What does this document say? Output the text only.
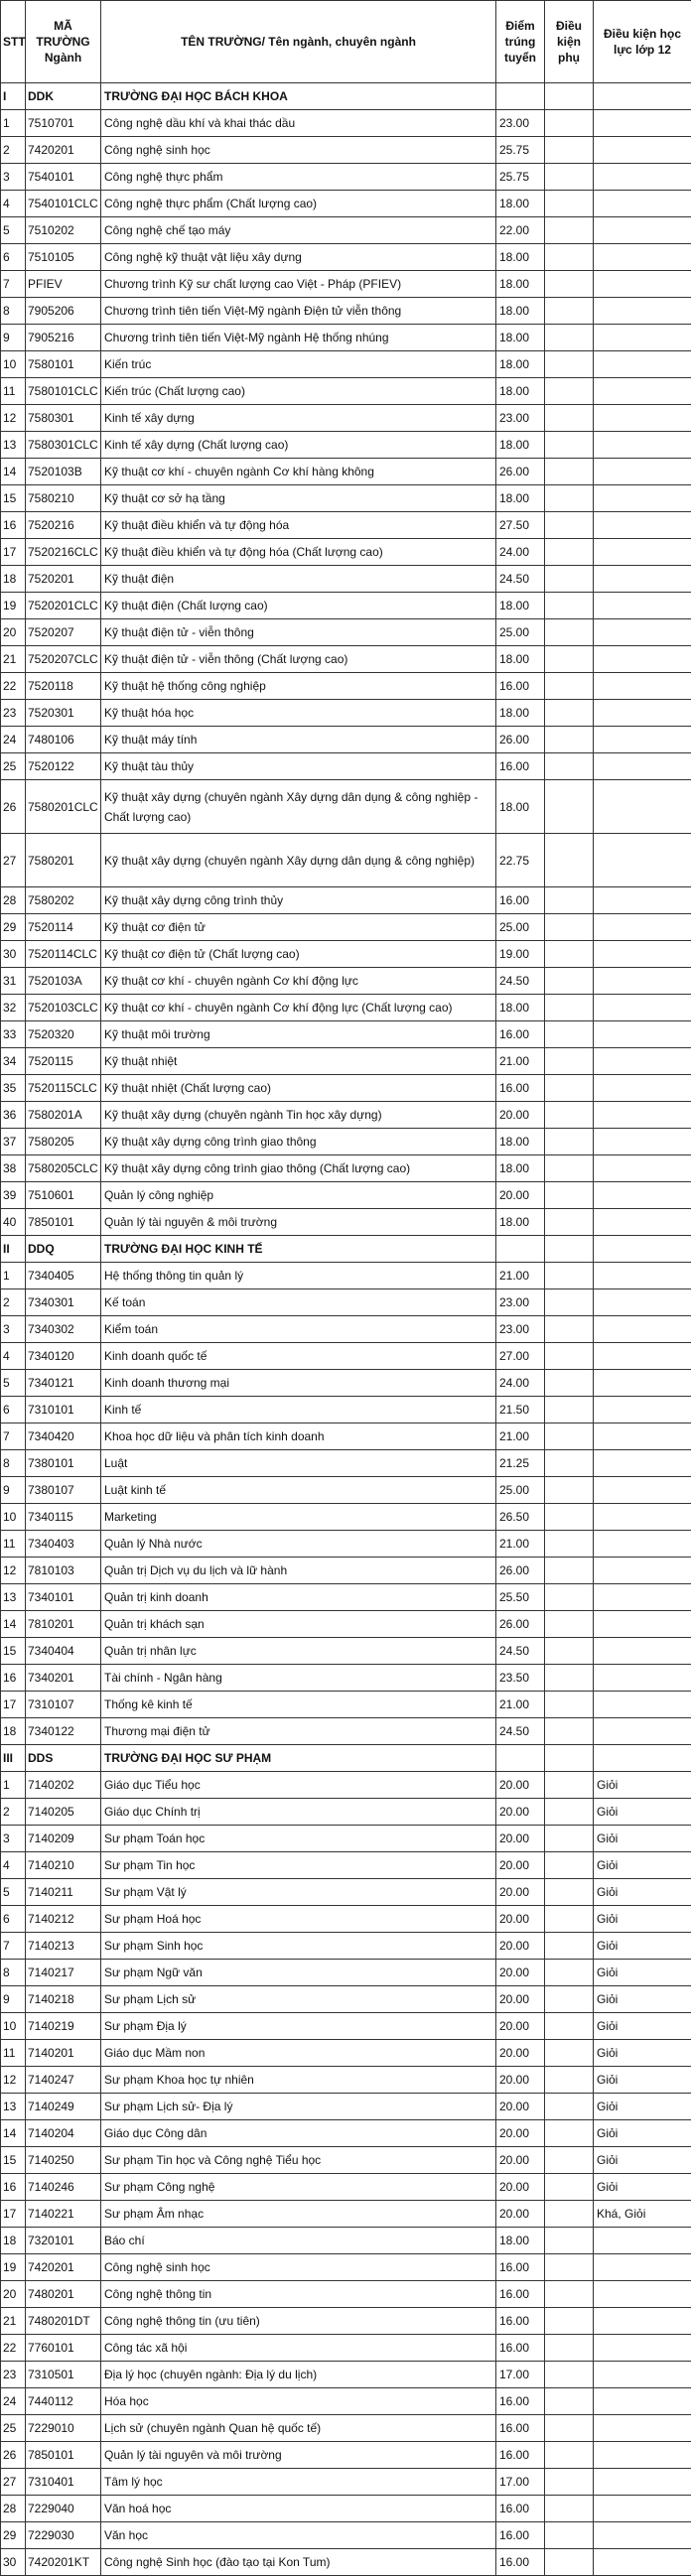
STT	MÃ TRƯỜNG Ngành	TÊN TRƯỜNG/ Tên ngành, chuyên ngành	Điểm trúng tuyển	Điều kiện phụ	Điều kiện học lực lớp 12
I	DDK	TRƯỜNG ĐẠI HỌC BÁCH KHOA			
1	7510701	Công nghệ dầu khí và khai thác dầu	23.00		
2	7420201	Công nghệ sinh học	25.75		
3	7540101	Công nghệ thực phẩm	25.75		
4	7540101CLC	Công nghệ thực phẩm (Chất lượng cao)	18.00		
5	7510202	Công nghệ chế tạo máy	22.00		
6	7510105	Công nghệ kỹ thuật vật liệu xây dựng	18.00		
7	PFIEV	Chương trình Kỹ sư chất lượng cao Việt - Pháp (PFIEV)	18.00		
8	7905206	Chương trình tiên tiến Việt-Mỹ ngành Điện tử viễn thông	18.00		
9	7905216	Chương trình tiên tiến Việt-Mỹ ngành Hệ thống nhúng	18.00		
10	7580101	Kiến trúc	18.00		
11	7580101CLC	Kiến trúc (Chất lượng cao)	18.00		
12	7580301	Kinh tế xây dựng	23.00		
13	7580301CLC	Kinh tế xây dựng (Chất lượng cao)	18.00		
14	7520103B	Kỹ thuật cơ khí - chuyên ngành Cơ khí hàng không	26.00		
15	7580210	Kỹ thuật cơ sở hạ tầng	18.00		
16	7520216	Kỹ thuật điều khiển và tự động hóa	27.50		
17	7520216CLC	Kỹ thuật điều khiển và tự động hóa (Chất lượng cao)	24.00		
18	7520201	Kỹ thuật điện	24.50		
19	7520201CLC	Kỹ thuật điện (Chất lượng cao)	18.00		
20	7520207	Kỹ thuật điện tử - viễn thông	25.00		
21	7520207CLC	Kỹ thuật điện tử - viễn thông (Chất lượng cao)	18.00		
22	7520118	Kỹ thuật hệ thống công nghiệp	16.00		
23	7520301	Kỹ thuật hóa học	18.00		
24	7480106	Kỹ thuật máy tính	26.00		
25	7520122	Kỹ thuật tàu thủy	16.00		
26	7580201CLC	Kỹ thuật xây dựng (chuyên ngành Xây dựng dân dụng & công nghiệp - Chất lượng cao)	18.00		
27	7580201	Kỹ thuật xây dựng (chuyên ngành Xây dựng dân dụng & công nghiệp)	22.75		
28	7580202	Kỹ thuật xây dựng công trình thủy	16.00		
29	7520114	Kỹ thuật cơ điện tử	25.00		
30	7520114CLC	Kỹ thuật cơ điện tử (Chất lượng cao)	19.00		
31	7520103A	Kỹ thuật cơ khí - chuyên ngành Cơ khí động lực	24.50		
32	7520103CLC	Kỹ thuật cơ khí - chuyên ngành Cơ khí động lực (Chất lượng cao)	18.00		
33	7520320	Kỹ thuật môi trường	16.00		
34	7520115	Kỹ thuật nhiệt	21.00		
35	7520115CLC	Kỹ thuật nhiệt (Chất lượng cao)	16.00		
36	7580201A	Kỹ thuật xây dựng (chuyên ngành Tin học xây dựng)	20.00		
37	7580205	Kỹ thuật xây dựng công trình giao thông	18.00		
38	7580205CLC	Kỹ thuật xây dựng công trình giao thông (Chất lượng cao)	18.00		
39	7510601	Quản lý công nghiệp	20.00		
40	7850101	Quản lý tài nguyên & môi trường	18.00		
II	DDQ	TRƯỜNG ĐẠI HỌC KINH TẾ			
1	7340405	Hệ thống thông tin quản lý	21.00		
2	7340301	Kế toán	23.00		
3	7340302	Kiểm toán	23.00		
4	7340120	Kinh doanh quốc tế	27.00		
5	7340121	Kinh doanh thương mại	24.00		
6	7310101	Kinh tế	21.50		
7	7340420	Khoa học dữ liệu và phân tích kinh doanh	21.00		
8	7380101	Luật	21.25		
9	7380107	Luật kinh tế	25.00		
10	7340115	Marketing	26.50		
11	7340403	Quản lý Nhà nước	21.00		
12	7810103	Quản trị Dịch vụ du lịch và lữ hành	26.00		
13	7340101	Quản trị kinh doanh	25.50		
14	7810201	Quản trị khách sạn	26.00		
15	7340404	Quản trị nhân lực	24.50		
16	7340201	Tài chính - Ngân hàng	23.50		
17	7310107	Thống kê kinh tế	21.00		
18	7340122	Thương mại điện tử	24.50		
III	DDS	TRƯỜNG ĐẠI HỌC SƯ PHẠM			
1	7140202	Giáo dục Tiểu học	20.00		Giỏi
2	7140205	Giáo dục Chính trị	20.00		Giỏi
3	7140209	Sư phạm Toán học	20.00		Giỏi
4	7140210	Sư phạm Tin học	20.00		Giỏi
5	7140211	Sư phạm Vật lý	20.00		Giỏi
6	7140212	Sư phạm Hoá học	20.00		Giỏi
7	7140213	Sư phạm Sinh học	20.00		Giỏi
8	7140217	Sư phạm Ngữ văn	20.00		Giỏi
9	7140218	Sư phạm Lịch sử	20.00		Giỏi
10	7140219	Sư phạm Địa lý	20.00		Giỏi
11	7140201	Giáo dục Mầm non	20.00		Giỏi
12	7140247	Sư phạm Khoa học tự nhiên	20.00		Giỏi
13	7140249	Sư phạm Lịch sử- Địa lý	20.00		Giỏi
14	7140204	Giáo dục Công dân	20.00		Giỏi
15	7140250	Sư phạm Tin học và Công nghệ Tiểu học	20.00		Giỏi
16	7140246	Sư phạm Công nghệ	20.00		Giỏi
17	7140221	Sư phạm Âm nhạc	20.00		Khá, Giỏi
18	7320101	Báo chí	18.00		
19	7420201	Công nghệ sinh học	16.00		
20	7480201	Công nghệ thông tin	16.00		
21	7480201DT	Công nghệ thông tin (ưu tiên)	16.00		
22	7760101	Công tác xã hội	16.00		
23	7310501	Địa lý học (chuyên ngành: Địa lý du lịch)	17.00		
24	7440112	Hóa học	16.00		
25	7229010	Lịch sử (chuyên ngành Quan hệ quốc tế)	16.00		
26	7850101	Quản lý tài nguyên và môi trường	16.00		
27	7310401	Tâm lý học	17.00		
28	7229040	Văn hoá học	16.00		
29	7229030	Văn học	16.00		
30	7420201KT	Công nghệ Sinh học (đào tạo tại Kon Tum)	16.00		
